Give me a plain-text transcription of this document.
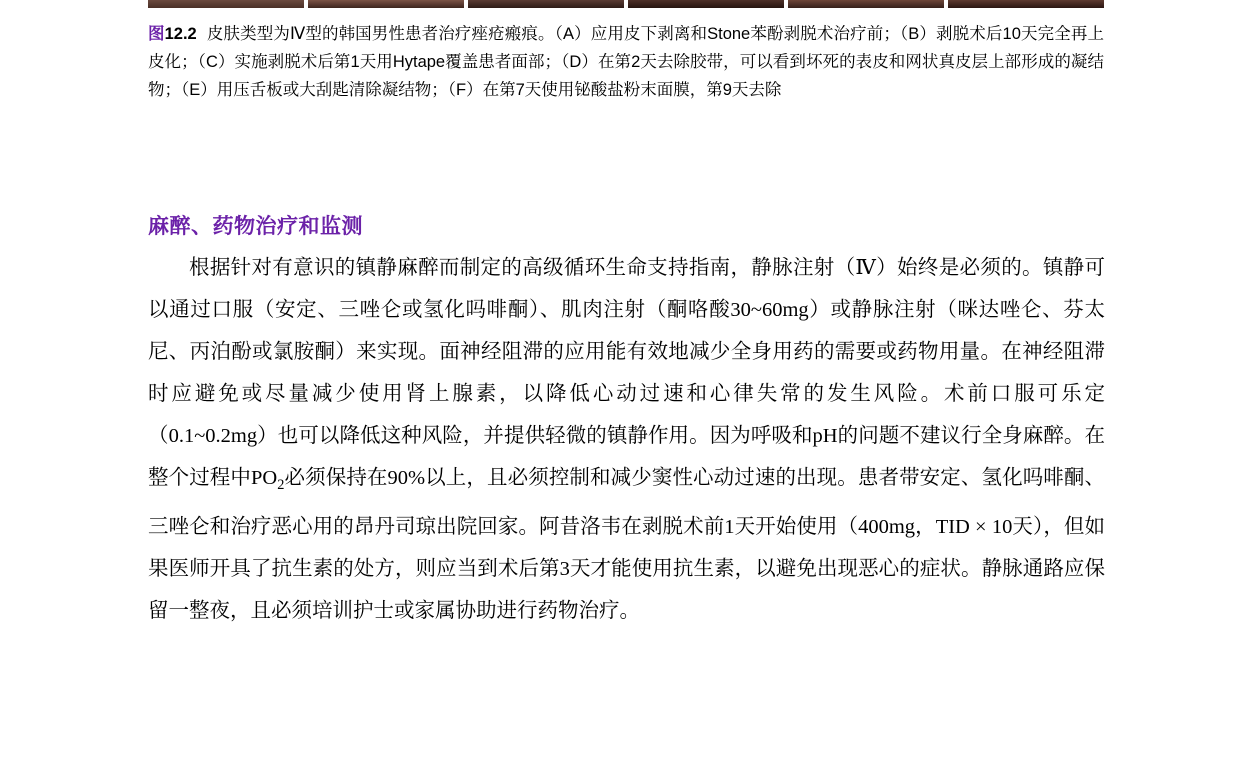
图12.2 皮肤类型为Ⅳ型的韩国男性患者治疗痤疮瘢痕。（A）应用皮下剥离和Stone苯酚剥脱术治疗前；（B）剥脱术后10天完全再上皮化；（C）实施剥脱术后第1天用Hytape覆盖患者面部；（D）在第2天去除胶带，可以看到坏死的表皮和网状真皮层上部形成的凝结物；（E）用压舌板或大刮匙清除凝结物；（F）在第7天使用铋酸盐粉末面膜，第9天去除
麻醉、药物治疗和监测
根据针对有意识的镇静麻醉而制定的高级循环生命支持指南，静脉注射（Ⅳ）始终是必须的。镇静可以通过口服（安定、三唑仑或氢化吗啡酮）、肌肉注射（酮咯酸30~60mg）或静脉注射（咪达唑仑、芬太尼、丙泊酚或氯胺酮）来实现。面神经阻滞的应用能有效地减少全身用药的需要或药物用量。在神经阻滞时应避免或尽量减少使用肾上腺素，以降低心动过速和心律失常的发生风险。术前口服可乐定（0.1~0.2mg）也可以降低这种风险，并提供轻微的镇静作用。因为呼吸和pH的问题不建议行全身麻醉。在整个过程中$PO_2$必须保持在90%以上，且必须控制和减少窦性心动过速的出现。患者带安定、氢化吗啡酮、三唑仑和治疗恶心用的昂丹司琼出院回家。阿昔洛韦在剥脱术前1天开始使用（400mg，TID × 10天），但如果医师开具了抗生素的处方，则应当到术后第3天才能使用抗生素，以避免出现恶心的症状。静脉通路应保留一整夜，且必须培训护士或家属协助进行药物治疗。
